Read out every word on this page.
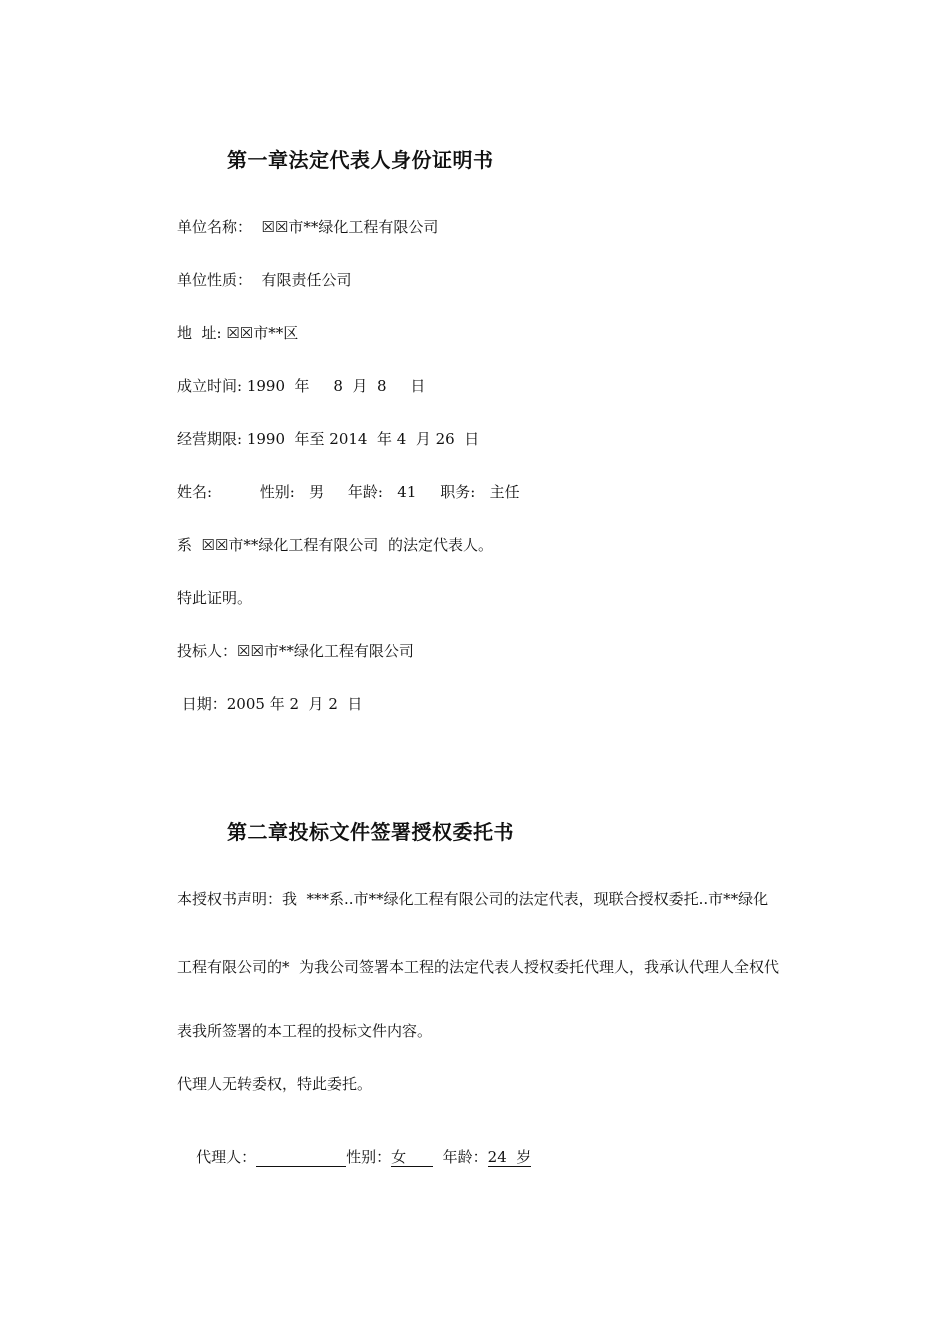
第一章法定代表人身份证明书
单位名称：  ☒☒市**绿化工程有限公司
单位性质：  有限责任公司
地  址: ☒☒市**区
成立时间: 1990  年     8  月  8     日
经营期限: 1990  年至 2014  年 4  月 26  日
姓名:          性别:   男     年龄:   41     职务:   主任
系  ☒☒市**绿化工程有限公司  的法定代表人。
特此证明。
投标人：☒☒市**绿化工程有限公司
日期：2005 年 2  月 2  日
第二章投标文件签署授权委托书
本授权书声明：我  ***系..市**绿化工程有限公司的法定代表，现联合授权委托..市**绿化
工程有限公司的*  为我公司签署本工程的法定代表人授权委托代理人，我承认代理人全权代
表我所签署的本工程的投标文件内容。
代理人无转委权，特此委托。

代理人：	性别：女     年龄：24  岁
